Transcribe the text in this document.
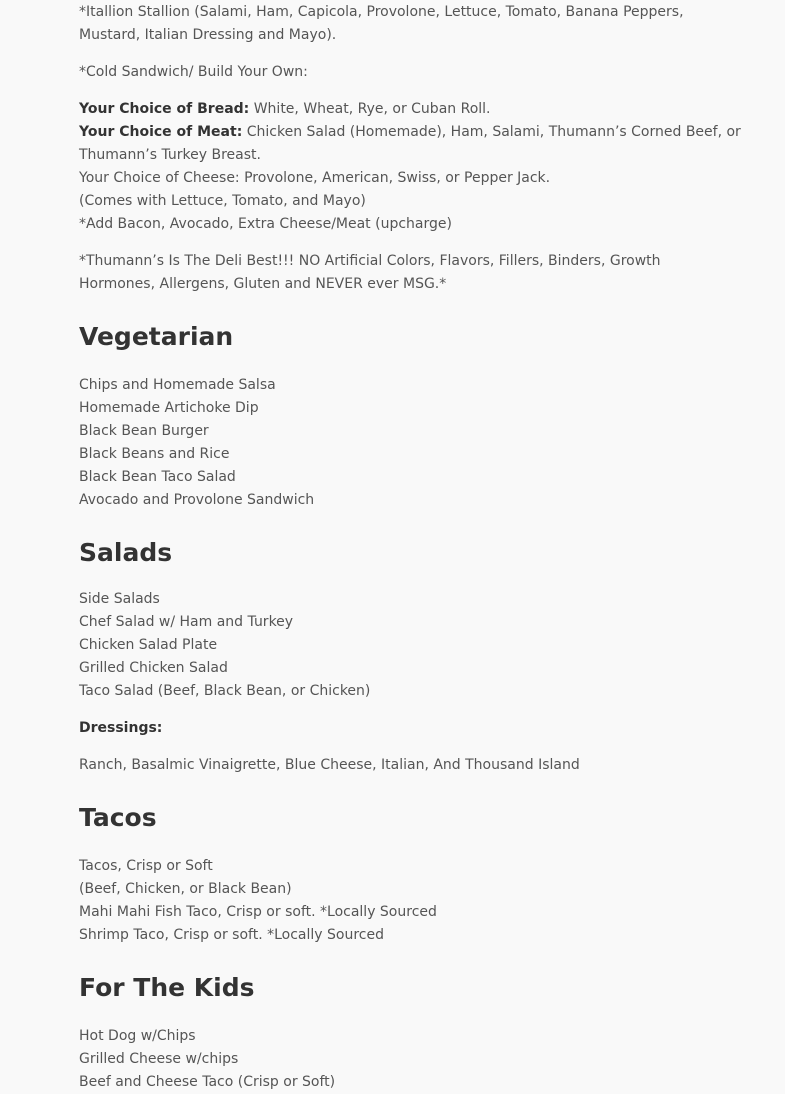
*Itallion Stallion (Salami, Ham, Capicola, Provolone, Lettuce, Tomato, Banana Peppers,
Mustard, Italian Dressing and Mayo).
*Cold Sandwich/ Build Your Own:
Your Choice of Bread: White, Wheat, Rye, or Cuban Roll.
Your Choice of Meat: Chicken Salad (Homemade), Ham, Salami, Thumann’s Corned Beef, or
Thumann’s Turkey Breast.
Your Choice of Cheese: Provolone, American, Swiss, or Pepper Jack.
(Comes with Lettuce, Tomato, and Mayo)
*Add Bacon, Avocado, Extra Cheese/Meat (upcharge)
*Thumann’s Is The Deli Best!!! NO Artificial Colors, Flavors, Fillers, Binders, Growth
Hormones, Allergens, Gluten and NEVER ever MSG.*
Vegetarian
Chips and Homemade Salsa
Homemade Artichoke Dip
Black Bean Burger
Black Beans and Rice
Black Bean Taco Salad
Avocado and Provolone Sandwich
Salads
Side Salads
Chef Salad w/ Ham and Turkey
Chicken Salad Plate
Grilled Chicken Salad
Taco Salad (Beef, Black Bean, or Chicken)
Dressings:
Ranch, Basalmic Vinaigrette, Blue Cheese, Italian, And Thousand Island
Tacos
Tacos, Crisp or Soft
(Beef, Chicken, or Black Bean)
Mahi Mahi Fish Taco, Crisp or soft. *Locally Sourced
Shrimp Taco, Crisp or soft. *Locally Sourced
For The Kids
Hot Dog w/Chips
Grilled Cheese w/chips
Beef and Cheese Taco (Crisp or Soft)
